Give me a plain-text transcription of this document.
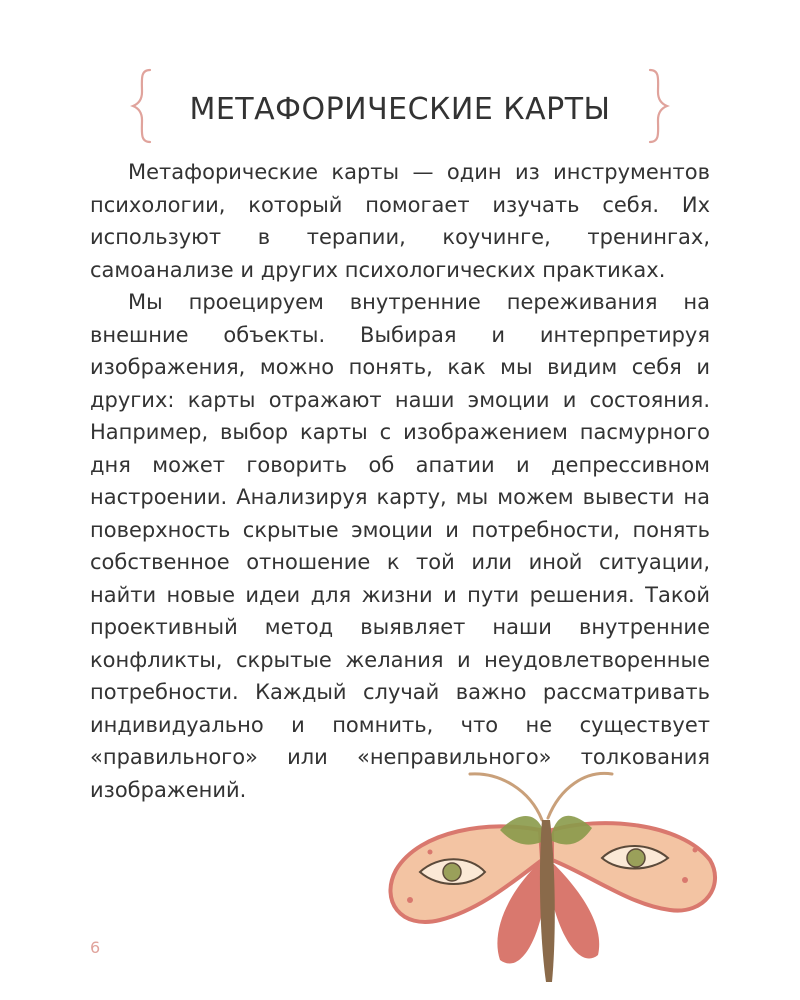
МЕТАФОРИЧЕСКИЕ КАРТЫ

Метафорические карты — один из инструментов психологии, который помогает изучать себя. Их используют в терапии, коучинге, тренингах, самоанализе и других психологических практиках.

Мы проецируем внутренние переживания на внешние объекты. Выбирая и интерпретируя изображения, можно понять, как мы видим себя и других: карты отражают наши эмоции и состояния. Например, выбор карты с изображением пасмурного дня может говорить об апатии и депрессивном настроении. Анализируя карту, мы можем вывести на поверхность скрытые эмоции и потребности, понять собственное отношение к той или иной ситуации, найти новые идеи для жизни и пути решения. Такой проективный метод выявляет наши внутренние конфликты, скрытые желания и неудовлетворенные потребности. Каждый случай важно рассматривать индивидуально и помнить, что не существует «правильного» или «неправильного» толкования изображений.

6
